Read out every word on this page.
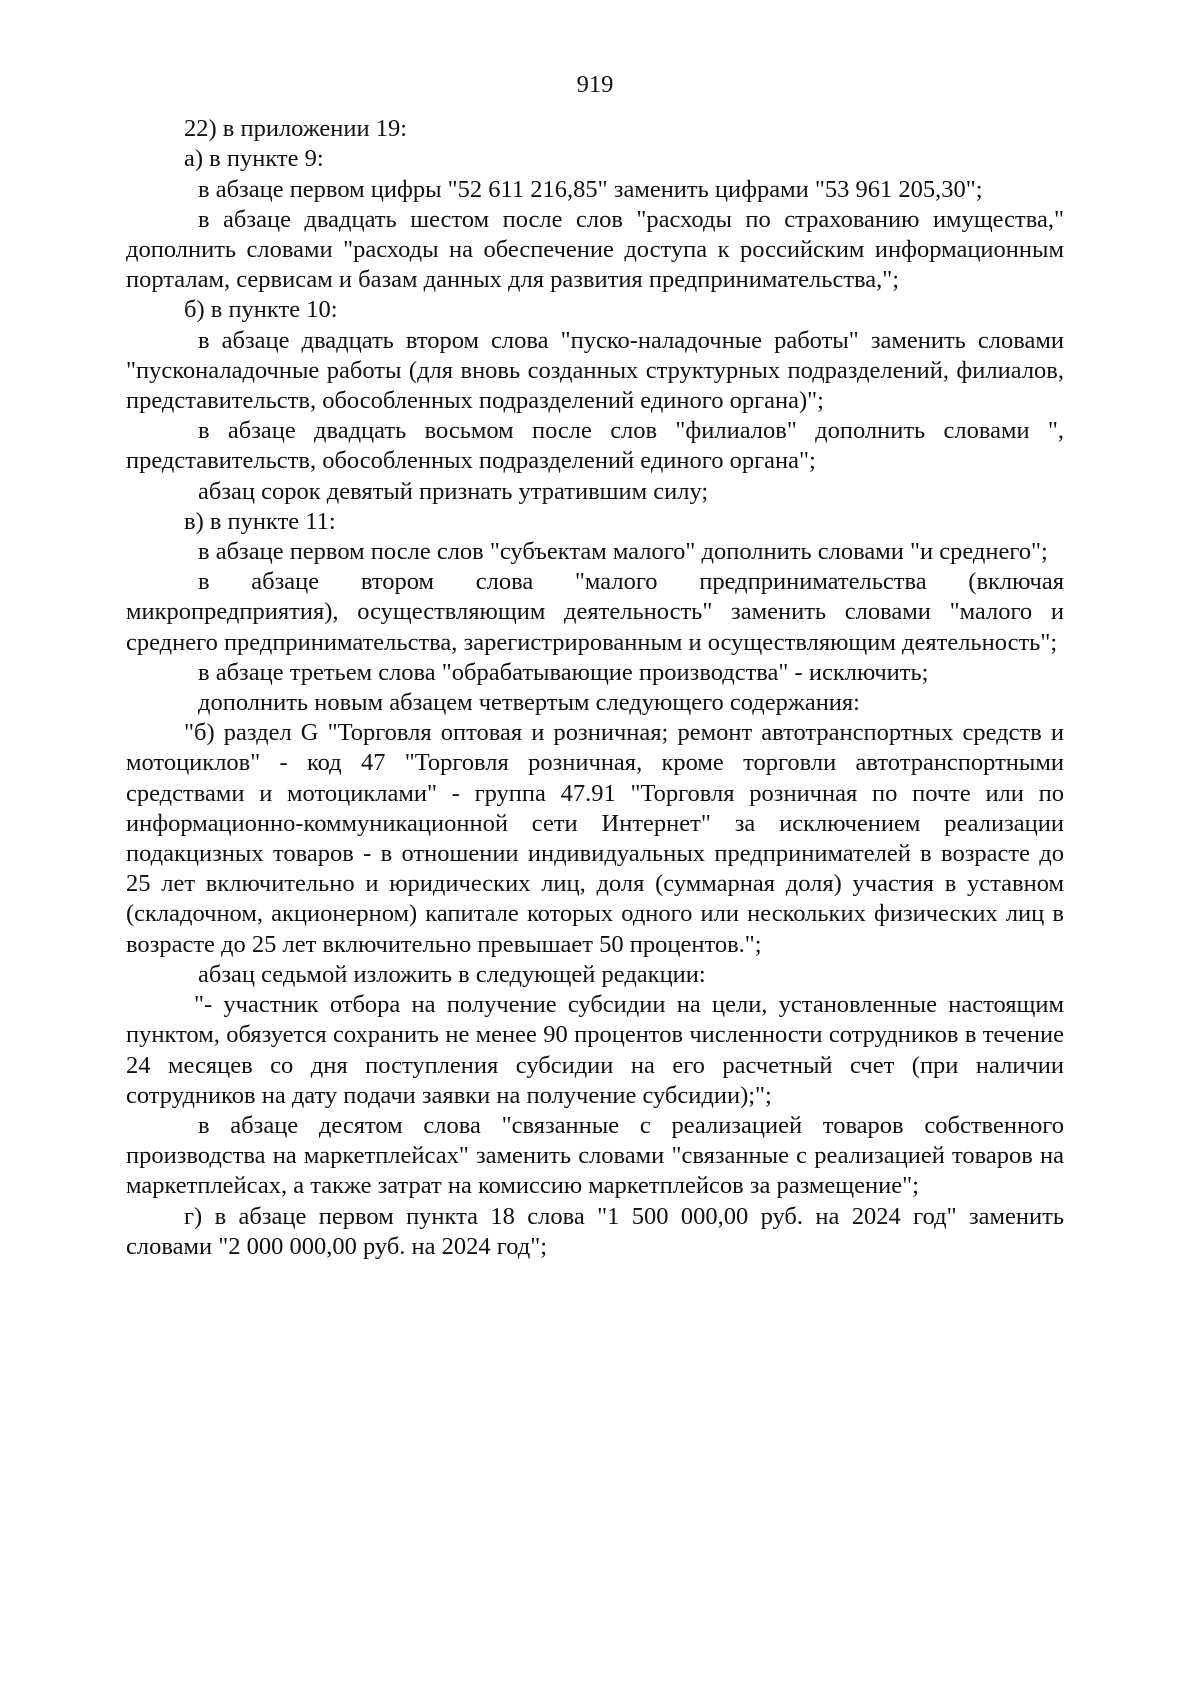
919

22) в приложении 19:

а) в пункте 9:

в абзаце первом цифры "52 611 216,85" заменить цифрами "53 961 205,30";

в абзаце двадцать шестом после слов "расходы по страхованию имущества," дополнить словами "расходы на обеспечение доступа к российским информационным порталам, сервисам и базам данных для развития предпринимательства,";

б) в пункте 10:

в абзаце двадцать втором слова "пуско-наладочные работы" заменить словами "пусконаладочные работы (для вновь созданных структурных подразделений, филиалов, представительств, обособленных подразделений единого органа)";

в абзаце двадцать восьмом после слов "филиалов" дополнить словами ", представительств, обособленных подразделений единого органа";

абзац сорок девятый признать утратившим силу;

в) в пункте 11:

в абзаце первом после слов "субъектам малого" дополнить словами "и среднего";

в абзаце втором слова "малого предпринимательства (включая микропредприятия), осуществляющим деятельность" заменить словами "малого и среднего предпринимательства, зарегистрированным и осуществляющим деятельность";

в абзаце третьем слова "обрабатывающие производства" - исключить;

дополнить новым абзацем четвертым следующего содержания:

"б) раздел G "Торговля оптовая и розничная; ремонт автотранспортных средств и мотоциклов" - код 47 "Торговля розничная, кроме торговли автотранспортными средствами и мотоциклами" - группа 47.91 "Торговля розничная по почте или по информационно-коммуникационной сети Интернет" за исключением реализации подакцизных товаров - в отношении индивидуальных предпринимателей в возрасте до 25 лет включительно и юридических лиц, доля (суммарная доля) участия в уставном (складочном, акционерном) капитале которых одного или нескольких физических лиц в возрасте до 25 лет включительно превышает 50 процентов.";

абзац седьмой изложить в следующей редакции:

"- участник отбора на получение субсидии на цели, установленные настоящим пунктом, обязуется сохранить не менее 90 процентов численности сотрудников в течение 24 месяцев со дня поступления субсидии на его расчетный счет (при наличии сотрудников на дату подачи заявки на получение субсидии);";

в абзаце десятом слова "связанные с реализацией товаров собственного производства на маркетплейсах" заменить словами "связанные с реализацией товаров на маркетплейсах, а также затрат на комиссию маркетплейсов за размещение";

г) в абзаце первом пункта 18 слова "1 500 000,00 руб. на 2024 год" заменить словами "2 000 000,00 руб. на 2024 год";
